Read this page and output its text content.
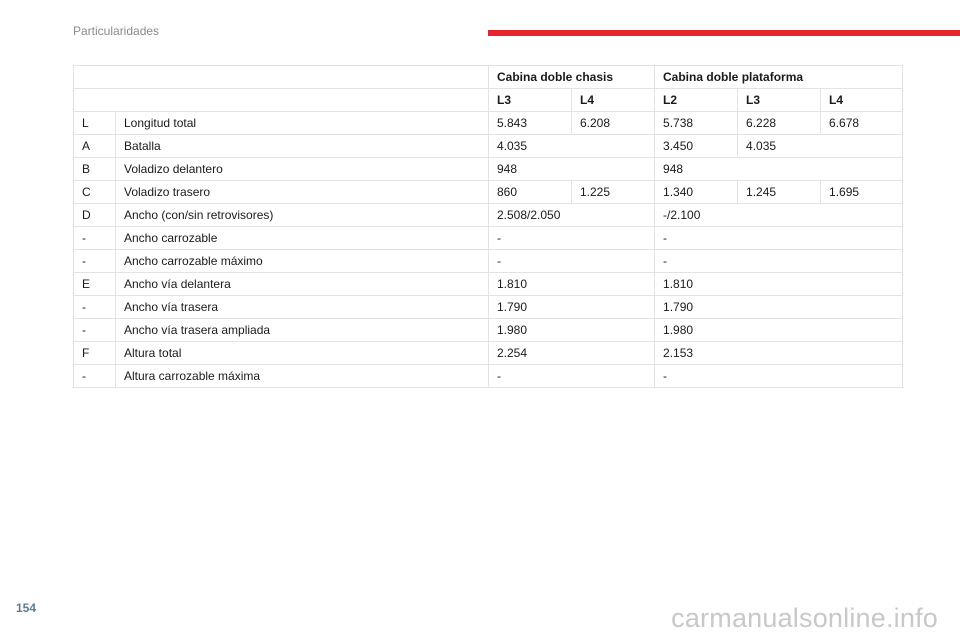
Particularidades
		Cabina doble chasis		Cabina doble plataforma		
		L3	L4	L2	L3	L4
L	Longitud total	5.843	6.208	5.738	6.228	6.678
A	Batalla	4.035		3.450	4.035	
B	Voladizo delantero	948		948		
C	Voladizo trasero	860	1.225	1.340	1.245	1.695
D	Ancho (con/sin retrovisores)	2.508/2.050		-/2.100		
-	Ancho carrozable	-		-		
-	Ancho carrozable máximo	-		-		
E	Ancho vía delantera	1.810		1.810		
-	Ancho vía trasera	1.790		1.790		
-	Ancho vía trasera ampliada	1.980		1.980		
F	Altura total	2.254		2.153		
-	Altura carrozable máxima	-		-		
154	carmanualsonline.info
